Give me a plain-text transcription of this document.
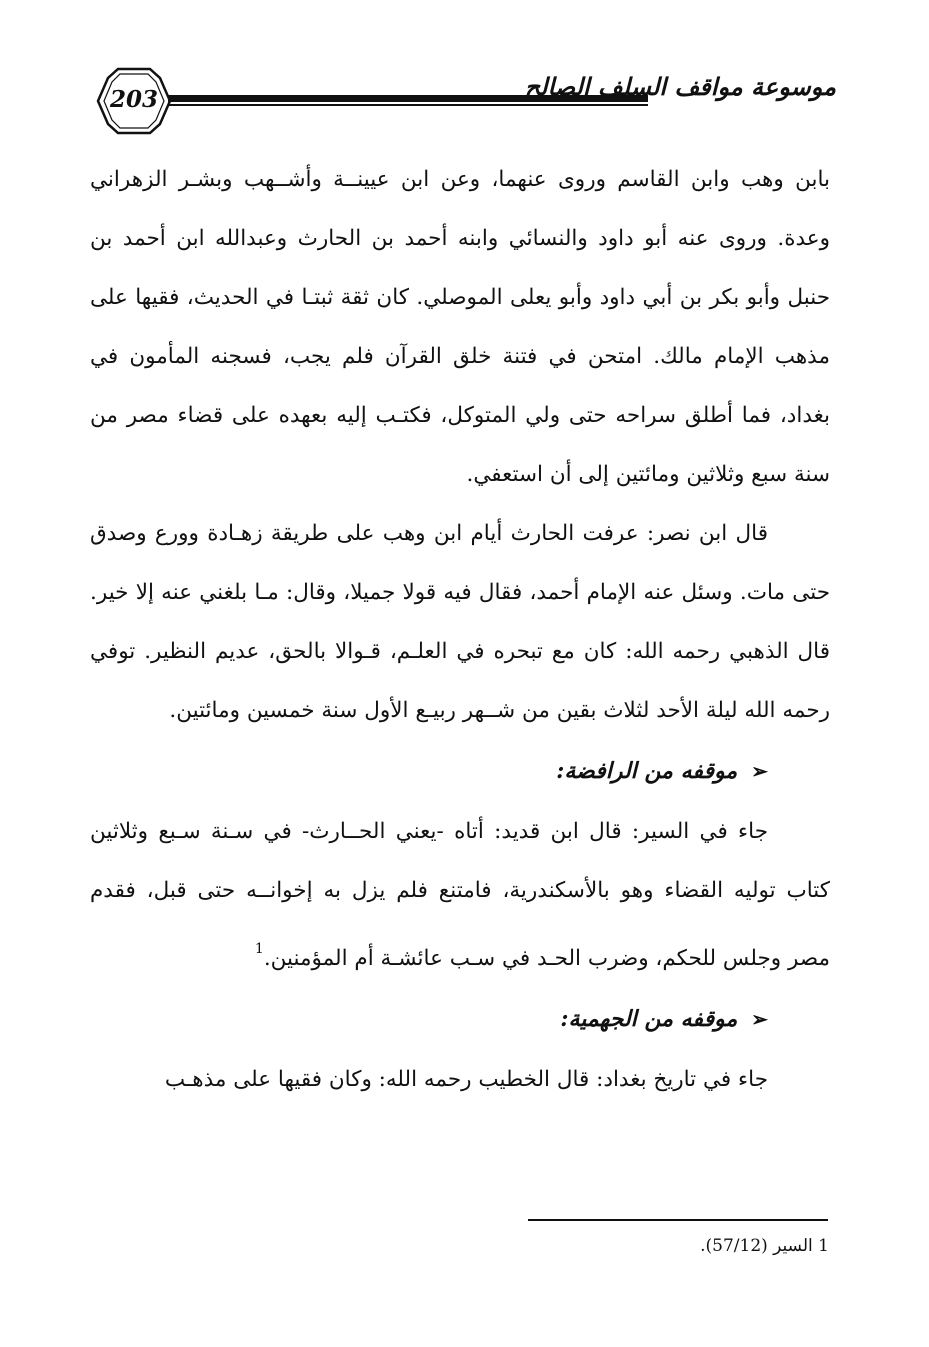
203	موسوعة مواقف السلف الصالح

بابن وهب وابن القاسم وروى عنهما، وعن ابن عيينــة وأشــهب وبشـر الزهراني وعدة. وروى عنه أبو داود والنسائي وابنه أحمد بن الحارث وعبدالله ابن أحمد بن حنبل وأبو بكر بن أبي داود وأبو يعلى الموصلي. كان ثقة ثبتـا في الحديث، فقيها على مذهب الإمام مالك. امتحن في فتنة خلق القرآن فلم يجب، فسجنه المأمون في بغداد، فما أطلق سراحه حتى ولي المتوكل، فكتـب إليه بعهده على قضاء مصر من سنة سبع وثلاثين ومائتين إلى أن استعفي.

قال ابن نصر: عرفت الحارث أيام ابن وهب على طريقة زهـادة وورع وصدق حتى مات. وسئل عنه الإمام أحمد، فقال فيه قولا جميلا، وقال: مـا بلغني عنه إلا خير. قال الذهبي رحمه الله: كان مع تبحره في العلـم، قـوالا بالحق، عديم النظير. توفي رحمه الله ليلة الأحد لثلاث بقين من شــهر ربيـع الأول سنة خمسين ومائتين.

➢موقفه من الرافضة:

جاء في السير: قال ابن قديد: أتاه -يعني الحــارث- في سـنة سـبع وثلاثين كتاب توليه القضاء وهو بالأسكندرية، فامتنع فلم يزل به إخوانــه حتى قبل، فقدم مصر وجلس للحكم، وضرب الحـد في سـب عائشـة أم المؤمنين.$^1$

➢موقفه من الجهمية:

جاء في تاريخ بغداد: قال الخطيب رحمه الله: وكان فقيها على مذهـب

1 السير (57/12).
